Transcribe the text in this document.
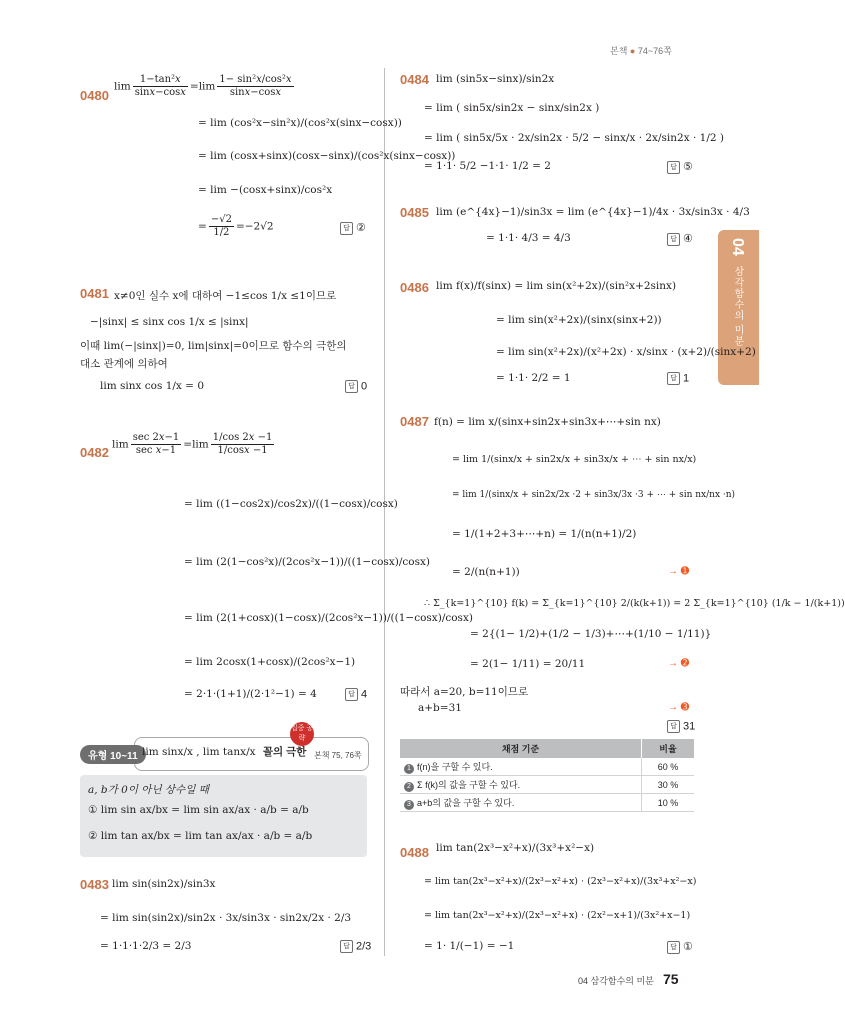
본책 ● 74~76쪽
04
삼각함수의 미분
0480
$\lim \frac{\text{1−tan²x}}{\sin x-\cos x} =\lim \frac{\text{1− sin²x/cos²x}}{\sin x-\cos x}$
= lim (cos²x−sin²x)/(cos²x(sinx−cosx))
= lim (cosx+sinx)(cosx−sinx)/(cos²x(sinx−cosx))
= lim −(cosx+sinx)/cos²x
= $\frac{-√2}{1/2} =-2√2$	답 ②
0481 x≠0인 실수 x에 대하여 −1≤cos 1/x ≤1이므로
−|sinx| ≤ sinx cos 1/x ≤ |sinx|
이때 lim(−|sinx|)=0, lim|sinx|=0이므로 함수의 극한의
대소 관계에 의하여
lim sinx cos 1/x = 0	답 0
0482
$\lim \frac{\sec 2x-1}{\text{sec x−1}} =\lim \frac{1/\cos 2x -1}{1/\cos x -1}$
= lim ((1−cos2x)/cos2x)/((1−cosx)/cosx)
= lim (2(1−cos²x)/(2cos²x−1))/((1−cosx)/cosx)
= lim (2(1+cosx)(1−cosx)/(2cos²x−1))/((1−cosx)/cosx)
= lim 2cosx(1+cosx)/(2cos²x−1)
= 2·1·(1+1)/(2·1²−1) = 4	답 4
유형 10~11 lim sinx/x , lim tanx/x 꼴의 극한 본책 75, 76쪽
집중 공략
a, b가 0이 아닌 상수일 때
① lim sin ax/bx = lim sin ax/ax · a/b = a/b
② lim tan ax/bx = lim tan ax/ax · a/b = a/b
0483 lim sin(sin2x)/sin3x
= lim sin(sin2x)/sin2x · 3x/sin3x · sin2x/2x · 2/3
= 1·1·1·2/3 = 2/3	답 2/3
0484 lim (sin5x−sinx)/sin2x
= lim ( sin5x/sin2x − sinx/sin2x )
= lim ( sin5x/5x · 2x/sin2x · 5/2 − sinx/x · 2x/sin2x · 1/2 )
= 1·1· 5/2 −1·1· 1/2 = 2	답 ⑤
0485 lim (e^{4x}−1)/sin3x = lim (e^{4x}−1)/4x · 3x/sin3x · 4/3
= 1·1· 4/3 = 4/3	답 ④
0486 lim f(x)/f(sinx) = lim sin(x²+2x)/(sin²x+2sinx)
= lim sin(x²+2x)/(sinx(sinx+2))
= lim sin(x²+2x)/(x²+2x) · x/sinx · (x+2)/(sinx+2)
= 1·1· 2/2 = 1	답 1
0487 f(n) = lim x/(sinx+sin2x+sin3x+⋯+sin nx)
= lim 1/(sinx/x + sin2x/x + sin3x/x + ⋯ + sin nx/x)
= lim 1/(sinx/x + sin2x/2x ·2 + sin3x/3x ·3 + ⋯ + sin nx/nx ·n)
= 1/(1+2+3+⋯+n) = 1/(n(n+1)/2)
= 2/(n(n+1))	→ ➊
∴ Σ_{k=1}^{10} f(k) = Σ_{k=1}^{10} 2/(k(k+1)) = 2 Σ_{k=1}^{10} (1/k − 1/(k+1))
= 2{(1− 1/2)+(1/2 − 1/3)+⋯+(1/10 − 1/11)}
= 2(1− 1/11) = 20/11	→ ➋
따라서 a=20, b=11이므로
a+b=31	→ ➌
답 31
채점 기준	비율
1 f(n)을 구할 수 있다.	60 %
2 Σ f(k)의 값을 구할 수 있다.	30 %
3 a+b의 값을 구할 수 있다.	10 %
0488 lim tan(2x³−x²+x)/(3x³+x²−x)
= lim tan(2x³−x²+x)/(2x³−x²+x) · (2x³−x²+x)/(3x³+x²−x)
= lim tan(2x³−x²+x)/(2x³−x²+x) · (2x²−x+1)/(3x²+x−1)
= 1· 1/(−1) = −1	답 ①
04 삼각함수의 미분 75
